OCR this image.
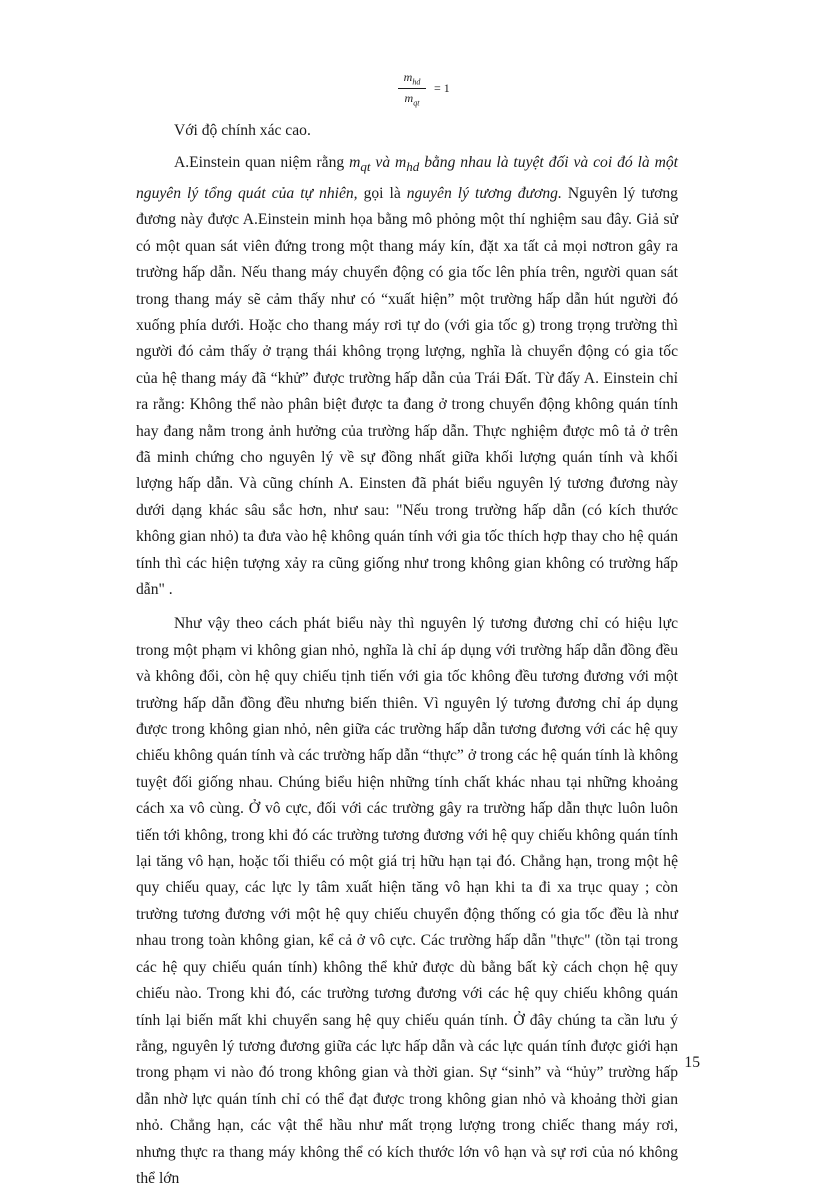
$\frac{m_{hd}}{m_{qt}} = 1$

Với độ chính xác cao.

A.Einstein quan niệm rằng $m_{qt}$ và $m_{hd}$ bằng nhau là tuyệt đối và coi đó là một nguyên lý tổng quát của tự nhiên, gọi là nguyên lý tương đương. Nguyên lý tương đương này được A.Einstein minh họa bằng mô phỏng một thí nghiệm sau đây. Giả sử có một quan sát viên đứng trong một thang máy kín, đặt xa tất cả mọi nơtron gây ra trường hấp dẫn. Nếu thang máy chuyển động có gia tốc lên phía trên, người quan sát trong thang máy sẽ cảm thấy như có “xuất hiện” một trường hấp dẫn hút người đó xuống phía dưới. Hoặc cho thang máy rơi tự do (với gia tốc g) trong trọng trường thì người đó cảm thấy ở trạng thái không trọng lượng, nghĩa là chuyển động có gia tốc của hệ thang máy đã “khử” được trường hấp dẫn của Trái Đất. Từ đấy A. Einstein chỉ ra rằng: Không thể nào phân biệt được ta đang ở trong chuyển động không quán tính hay đang nằm trong ảnh hưởng của trường hấp dẫn. Thực nghiệm được mô tả ở trên đã minh chứng cho nguyên lý về sự đồng nhất giữa khối lượng quán tính và khối lượng hấp dẫn. Và cũng chính A. Einsten đã phát biểu nguyên lý tương đương này dưới dạng khác sâu sắc hơn, như sau: "Nếu trong trường hấp dẫn (có kích thước không gian nhỏ) ta đưa vào hệ không quán tính với gia tốc thích hợp thay cho hệ quán tính thì các hiện tượng xảy ra cũng giống như trong không gian không có trường hấp dẫn" .

Như vậy theo cách phát biểu này thì nguyên lý tương đương chỉ có hiệu lực trong một phạm vi không gian nhỏ, nghĩa là chỉ áp dụng với trường hấp dẫn đồng đều và không đổi, còn hệ quy chiếu tịnh tiến với gia tốc không đều tương đương với một trường hấp dẫn đồng đều nhưng biến thiên. Vì nguyên lý tương đương chỉ áp dụng được trong không gian nhỏ, nên giữa các trường hấp dẫn tương đương với các hệ quy chiếu không quán tính và các trường hấp dẫn “thực” ở trong các hệ quán tính là không tuyệt đối giống nhau. Chúng biểu hiện những tính chất khác nhau tại những khoảng cách xa vô cùng. Ở vô cực, đối với các trường gây ra trường hấp dẫn thực luôn luôn tiến tới không, trong khi đó các trường tương đương với hệ quy chiếu không quán tính lại tăng vô hạn, hoặc tối thiểu có một giá trị hữu hạn tại đó. Chẳng hạn, trong một hệ quy chiếu quay, các lực ly tâm xuất hiện tăng vô hạn khi ta đi xa trục quay ; còn trường tương đương với một hệ quy chiếu chuyển động thống có gia tốc đều là như nhau trong toàn không gian, kể cả ở vô cực. Các trường hấp dẫn "thực" (tồn tại trong các hệ quy chiếu quán tính) không thể khử được dù bằng bất kỳ cách chọn hệ quy chiếu nào. Trong khi đó, các trường tương đương với các hệ quy chiếu không quán tính lại biến mất khi chuyển sang hệ quy chiếu quán tính. Ở đây chúng ta cần lưu ý rằng, nguyên lý tương đương giữa các lực hấp dẫn và các lực quán tính được giới hạn trong phạm vi nào đó trong không gian và thời gian. Sự “sinh” và “hủy” trường hấp dẫn nhờ lực quán tính chỉ có thể đạt được trong không gian nhỏ và khoảng thời gian nhỏ. Chẳng hạn, các vật thể hầu như mất trọng lượng trong chiếc thang máy rơi, nhưng thực ra thang máy không thể có kích thước lớn vô hạn và sự rơi của nó không thể lớn

15
